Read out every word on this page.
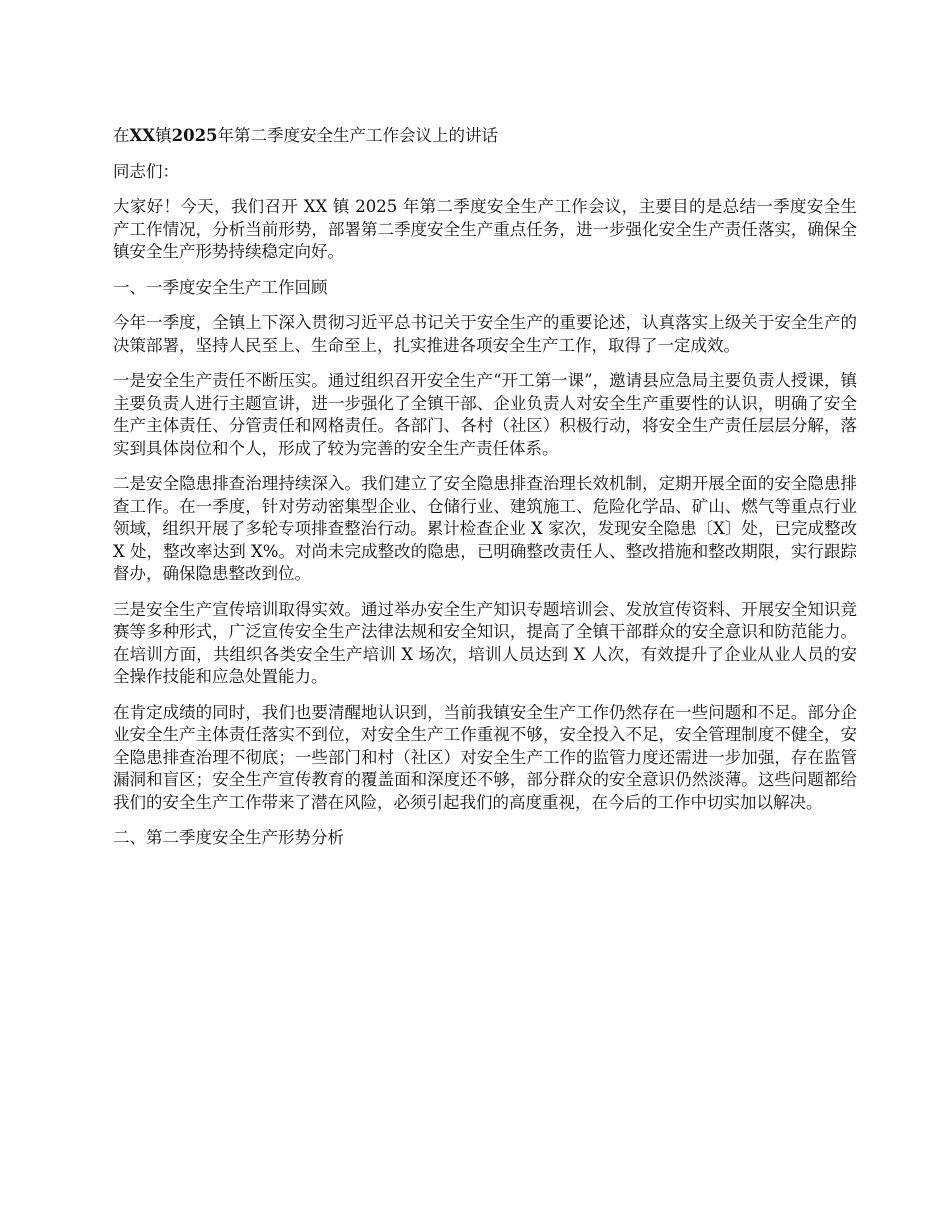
在XX镇2025年第二季度安全生产工作会议上的讲话

同志们：

大家好！今天，我们召开 XX 镇 2025 年第二季度安全生产工作会议，主要目的是总结一季度安全生产工作情况，分析当前形势，部署第二季度安全生产重点任务，进一步强化安全生产责任落实，确保全镇安全生产形势持续稳定向好。

一、一季度安全生产工作回顾

今年一季度，全镇上下深入贯彻习近平总书记关于安全生产的重要论述，认真落实上级关于安全生产的决策部署，坚持人民至上、生命至上，扎实推进各项安全生产工作，取得了一定成效。

一是安全生产责任不断压实。通过组织召开安全生产“开工第一课”，邀请县应急局主要负责人授课，镇主要负责人进行主题宣讲，进一步强化了全镇干部、企业负责人对安全生产重要性的认识，明确了安全生产主体责任、分管责任和网格责任。各部门、各村（社区）积极行动，将安全生产责任层层分解，落实到具体岗位和个人，形成了较为完善的安全生产责任体系。

二是安全隐患排查治理持续深入。我们建立了安全隐患排查治理长效机制，定期开展全面的安全隐患排查工作。在一季度，针对劳动密集型企业、仓储行业、建筑施工、危险化学品、矿山、燃气等重点行业领域，组织开展了多轮专项排查整治行动。累计检查企业 X 家次，发现安全隐患〔X〕处，已完成整改 X 处，整改率达到 X%。对尚未完成整改的隐患，已明确整改责任人、整改措施和整改期限，实行跟踪督办，确保隐患整改到位。

三是安全生产宣传培训取得实效。通过举办安全生产知识专题培训会、发放宣传资料、开展安全知识竞赛等多种形式，广泛宣传安全生产法律法规和安全知识，提高了全镇干部群众的安全意识和防范能力。在培训方面，共组织各类安全生产培训 X 场次，培训人员达到 X 人次，有效提升了企业从业人员的安全操作技能和应急处置能力。

在肯定成绩的同时，我们也要清醒地认识到，当前我镇安全生产工作仍然存在一些问题和不足。部分企业安全生产主体责任落实不到位，对安全生产工作重视不够，安全投入不足，安全管理制度不健全，安全隐患排查治理不彻底；一些部门和村（社区）对安全生产工作的监管力度还需进一步加强，存在监管漏洞和盲区；安全生产宣传教育的覆盖面和深度还不够，部分群众的安全意识仍然淡薄。这些问题都给我们的安全生产工作带来了潜在风险，必须引起我们的高度重视，在今后的工作中切实加以解决。

二、第二季度安全生产形势分析
